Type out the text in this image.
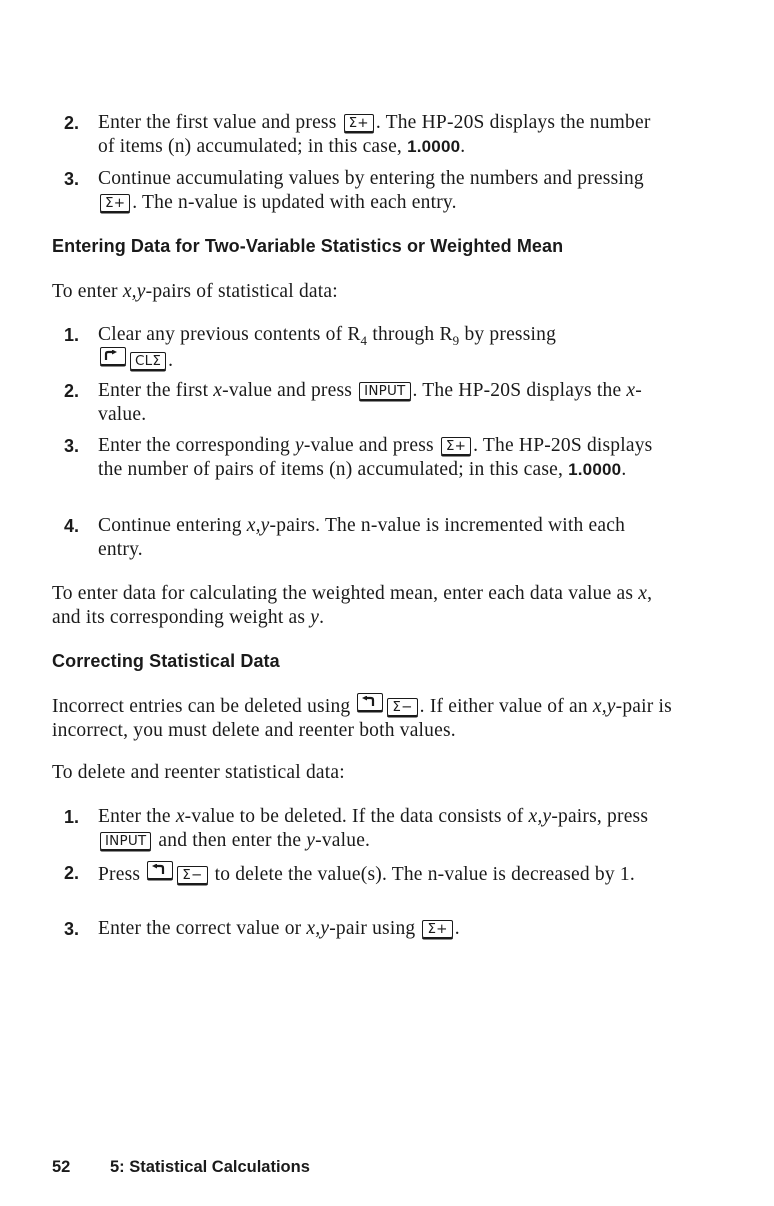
2. Enter the first value and press Σ+ . The HP-20S displays the number of items (n) accumulated; in this case, 1.0000.
3. Continue accumulating values by entering the numbers and pressing Σ+ . The n-value is updated with each entry.
Entering Data for Two-Variable Statistics or Weighted Mean

To enter x,y-pairs of statistical data:

1. Clear any previous contents of $R_4$ through $R_9$ by pressing

CLΣ .
2. Enter the first x-value and press INPUT . The HP-20S displays the x-value.
3. Enter the corresponding y-value and press Σ+ . The HP-20S displays the number of pairs of items (n) accumulated; in this case, 1.0000.
4. Continue entering x,y-pairs. The n-value is incremented with each entry.

To enter data for calculating the weighted mean, enter each data value as x, and its corresponding weight as y.

Correcting Statistical Data

Incorrect entries can be deleted using	Σ− . If either value of an x,y-pair is incorrect, you must delete and reenter both values.

To delete and reenter statistical data:

1. Enter the x-value to be deleted. If the data consists of x,y-pairs, press INPUT and then enter the y-value.
2. Press	Σ− to delete the value(s). The n-value is decreased by 1.
3. Enter the correct value or x,y-pair using Σ+ .
52 5: Statistical Calculations
